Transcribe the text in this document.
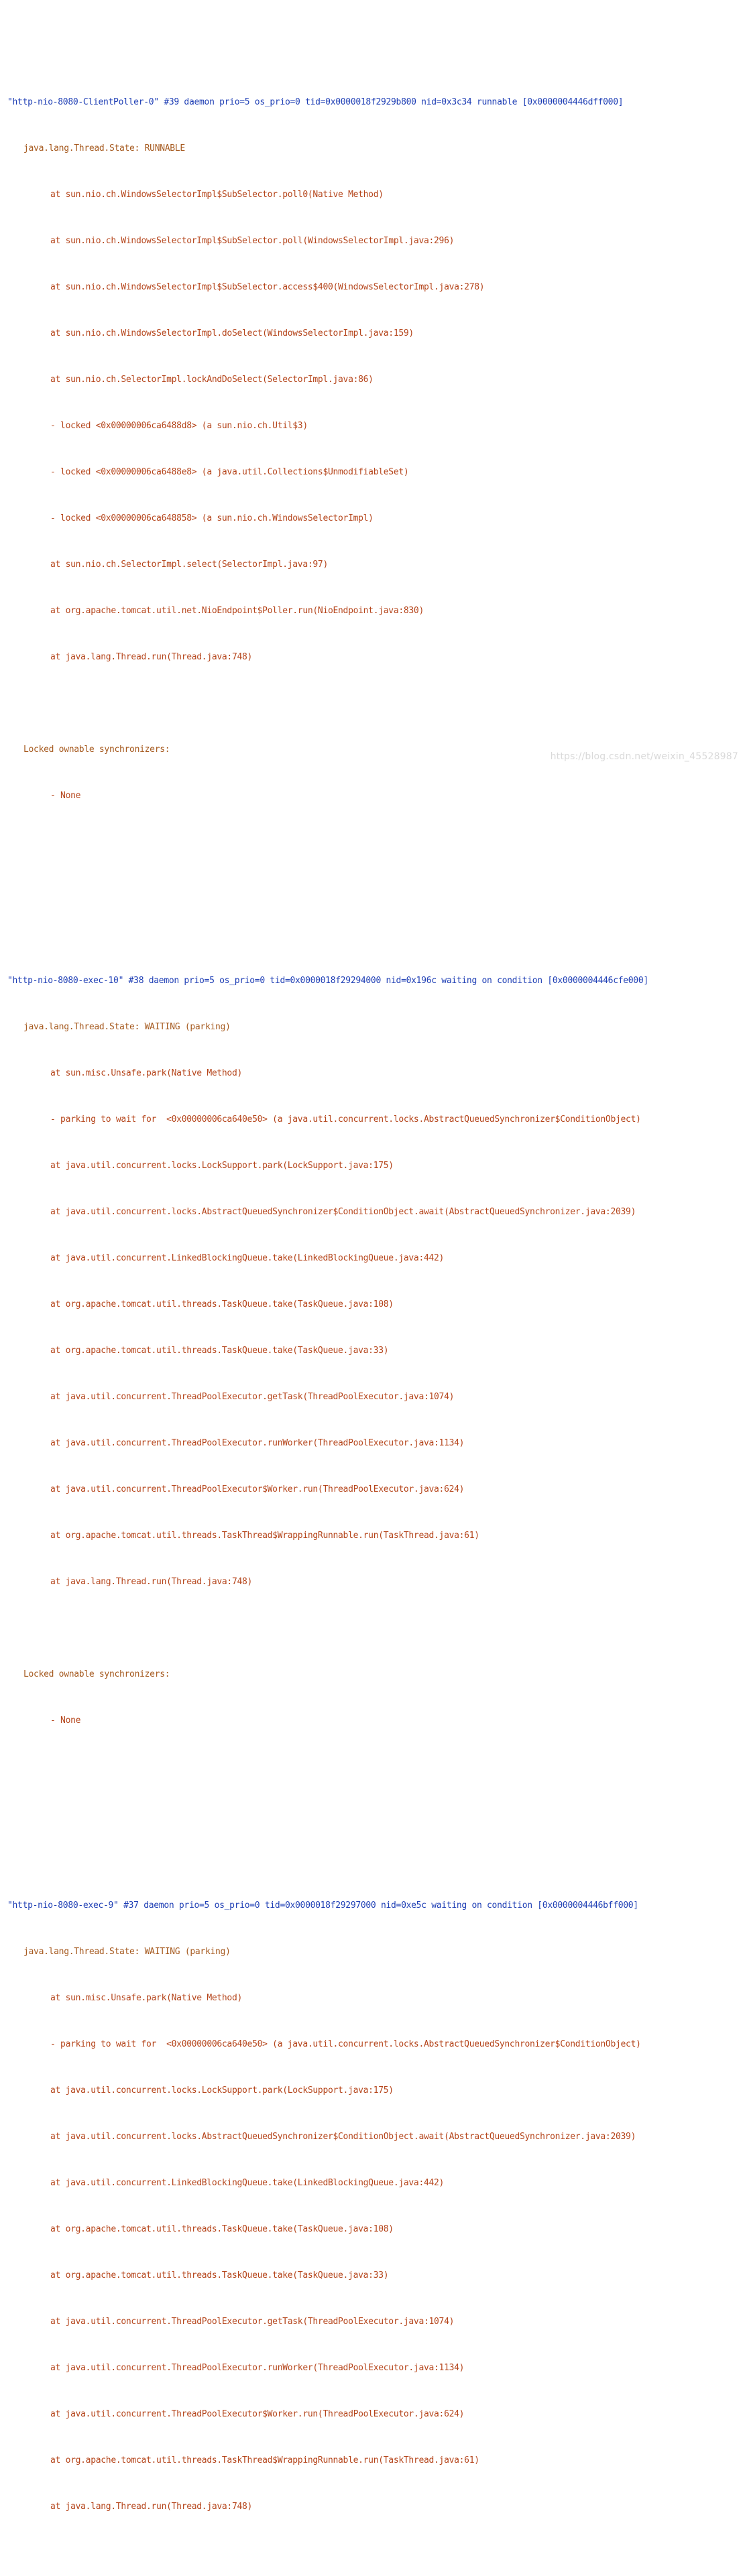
"http-nio-8080-ClientPoller-0" #39 daemon prio=5 os_prio=0 tid=0x0000018f2929b800 nid=0x3c34 runnable [0x0000004446dff000]

java.lang.Thread.State: RUNNABLE

at sun.nio.ch.WindowsSelectorImpl$SubSelector.poll0(Native Method)

at sun.nio.ch.WindowsSelectorImpl$SubSelector.poll(WindowsSelectorImpl.java:296)

at sun.nio.ch.WindowsSelectorImpl$SubSelector.access$400(WindowsSelectorImpl.java:278)

at sun.nio.ch.WindowsSelectorImpl.doSelect(WindowsSelectorImpl.java:159)

at sun.nio.ch.SelectorImpl.lockAndDoSelect(SelectorImpl.java:86)

- locked <0x00000006ca6488d8> (a sun.nio.ch.Util$3)

- locked <0x00000006ca6488e8> (a java.util.Collections$UnmodifiableSet)

- locked <0x00000006ca648858> (a sun.nio.ch.WindowsSelectorImpl)

at sun.nio.ch.SelectorImpl.select(SelectorImpl.java:97)

at org.apache.tomcat.util.net.NioEndpoint$Poller.run(NioEndpoint.java:830)

at java.lang.Thread.run(Thread.java:748)

Locked ownable synchronizers:

- None

"http-nio-8080-exec-10" #38 daemon prio=5 os_prio=0 tid=0x0000018f29294000 nid=0x196c waiting on condition [0x0000004446cfe000]

java.lang.Thread.State: WAITING (parking)

at sun.misc.Unsafe.park(Native Method)

- parking to wait for  <0x00000006ca640e50> (a java.util.concurrent.locks.AbstractQueuedSynchronizer$ConditionObject)

at java.util.concurrent.locks.LockSupport.park(LockSupport.java:175)

at java.util.concurrent.locks.AbstractQueuedSynchronizer$ConditionObject.await(AbstractQueuedSynchronizer.java:2039)

at java.util.concurrent.LinkedBlockingQueue.take(LinkedBlockingQueue.java:442)

at org.apache.tomcat.util.threads.TaskQueue.take(TaskQueue.java:108)

at org.apache.tomcat.util.threads.TaskQueue.take(TaskQueue.java:33)

at java.util.concurrent.ThreadPoolExecutor.getTask(ThreadPoolExecutor.java:1074)

at java.util.concurrent.ThreadPoolExecutor.runWorker(ThreadPoolExecutor.java:1134)

at java.util.concurrent.ThreadPoolExecutor$Worker.run(ThreadPoolExecutor.java:624)

at org.apache.tomcat.util.threads.TaskThread$WrappingRunnable.run(TaskThread.java:61)

at java.lang.Thread.run(Thread.java:748)

Locked ownable synchronizers:

- None

"http-nio-8080-exec-9" #37 daemon prio=5 os_prio=0 tid=0x0000018f29297000 nid=0xe5c waiting on condition [0x0000004446bff000]

java.lang.Thread.State: WAITING (parking)

at sun.misc.Unsafe.park(Native Method)

- parking to wait for  <0x00000006ca640e50> (a java.util.concurrent.locks.AbstractQueuedSynchronizer$ConditionObject)

at java.util.concurrent.locks.LockSupport.park(LockSupport.java:175)

at java.util.concurrent.locks.AbstractQueuedSynchronizer$ConditionObject.await(AbstractQueuedSynchronizer.java:2039)

at java.util.concurrent.LinkedBlockingQueue.take(LinkedBlockingQueue.java:442)

at org.apache.tomcat.util.threads.TaskQueue.take(TaskQueue.java:108)

at org.apache.tomcat.util.threads.TaskQueue.take(TaskQueue.java:33)

at java.util.concurrent.ThreadPoolExecutor.getTask(ThreadPoolExecutor.java:1074)

at java.util.concurrent.ThreadPoolExecutor.runWorker(ThreadPoolExecutor.java:1134)

at java.util.concurrent.ThreadPoolExecutor$Worker.run(ThreadPoolExecutor.java:624)

at org.apache.tomcat.util.threads.TaskThread$WrappingRunnable.run(TaskThread.java:61)

at java.lang.Thread.run(Thread.java:748)

https://blog.csdn.net/weixin_45528987
